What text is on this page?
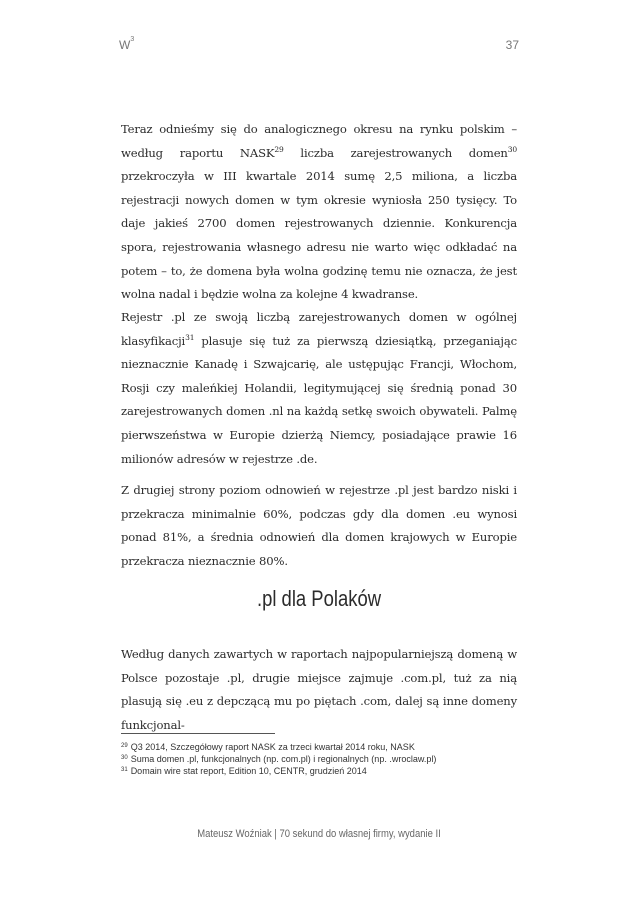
$W^3$	37

Teraz odnieśmy się do analogicznego okresu na rynku polskim – według raportu NASK$^{29}$ liczba zarejestrowanych domen$^{30}$ przekroczyła w III kwartale 2014 sumę 2,5 miliona, a liczba rejestracji nowych domen w tym okresie wyniosła 250 tysięcy. To daje jakieś 2700 domen rejestrowanych dziennie. Konkurencja spora, rejestrowania własnego adresu nie warto więc odkładać na potem – to, że domena była wolna godzinę temu nie oznacza, że jest wolna nadal i będzie wolna za kolejne 4 kwadranse.

Rejestr .pl ze swoją liczbą zarejestrowanych domen w ogólnej klasyfikacji$^{31}$ plasuje się tuż za pierwszą dziesiątką, przeganiając nieznacznie Kanadę i Szwajcarię, ale ustępując Francji, Włochom, Rosji czy maleńkiej Holandii, legitymującej się średnią ponad 30 zarejestrowanych domen .nl na każdą setkę swoich obywateli. Palmę pierwszeństwa w Europie dzierżą Niemcy, posiadające prawie 16 milionów adresów w rejestrze .de.

Z drugiej strony poziom odnowień w rejestrze .pl jest bardzo niski i przekracza minimalnie 60%, podczas gdy dla domen .eu wynosi ponad 81%, a średnia odnowień dla domen krajowych w Europie przekracza nieznacznie 80%.

.pl dla Polaków

Według danych zawartych w raportach najpopularniejszą domeną w Polsce pozostaje .pl, drugie miejsce zajmuje .com.pl, tuż za nią plasują się .eu z depczącą mu po piętach .com, dalej są inne domeny funkcjonal-

$^{29}$ Q3 2014, Szczegółowy raport NASK za trzeci kwartał 2014 roku, NASK
$^{30}$ Suma domen .pl, funkcjonalnych (np. com.pl) i regionalnych (np. .wroclaw.pl)
$^{31}$ Domain wire stat report, Edition 10, CENTR, grudzień 2014
Mateusz Woźniak | 70 sekund do własnej firmy, wydanie II
